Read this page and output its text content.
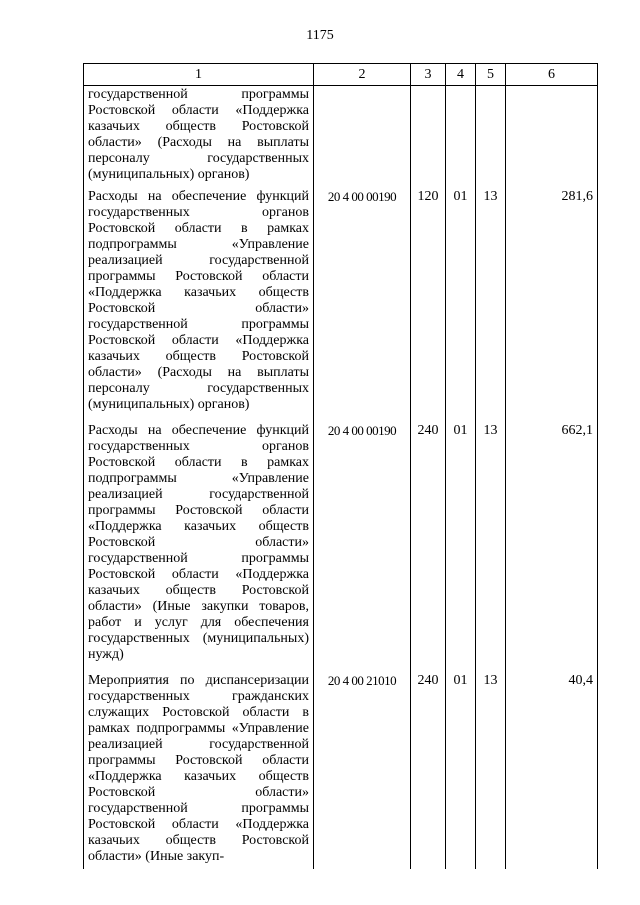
1175
1	2	3	4	5	6
государственной программы Ростовской области «Поддержка казачьих обществ Ростовской области» (Расходы на выплаты персоналу государственных (муниципальных) органов)					
Расходы на обеспечение функций государственных органов Ростовской области в рамках подпрограммы «Управление реализацией государственной программы Ростовской области «Поддержка казачьих обществ Ростовской области» государственной программы Ростовской области «Поддержка казачьих обществ Ростовской области» (Расходы на выплаты персоналу государственных (муниципальных) органов)	20 4 00 00190	120	01	13	281,6
Расходы на обеспечение функций государственных органов Ростовской области в рамках подпрограммы «Управление реализацией государственной программы Ростовской области «Поддержка казачьих обществ Ростовской области» государственной программы Ростовской области «Поддержка казачьих обществ Ростовской области» (Иные закупки товаров, работ и услуг для обеспечения государственных (муниципальных) нужд)	20 4 00 00190	240	01	13	662,1
Мероприятия по диспансеризации государственных гражданских служащих Ростовской области в рамках подпрограммы «Управление реализацией государственной программы Ростовской области «Поддержка казачьих обществ Ростовской области» государственной программы Ростовской области «Поддержка казачьих обществ Ростовской области» (Иные закуп-	20 4 00 21010	240	01	13	40,4
